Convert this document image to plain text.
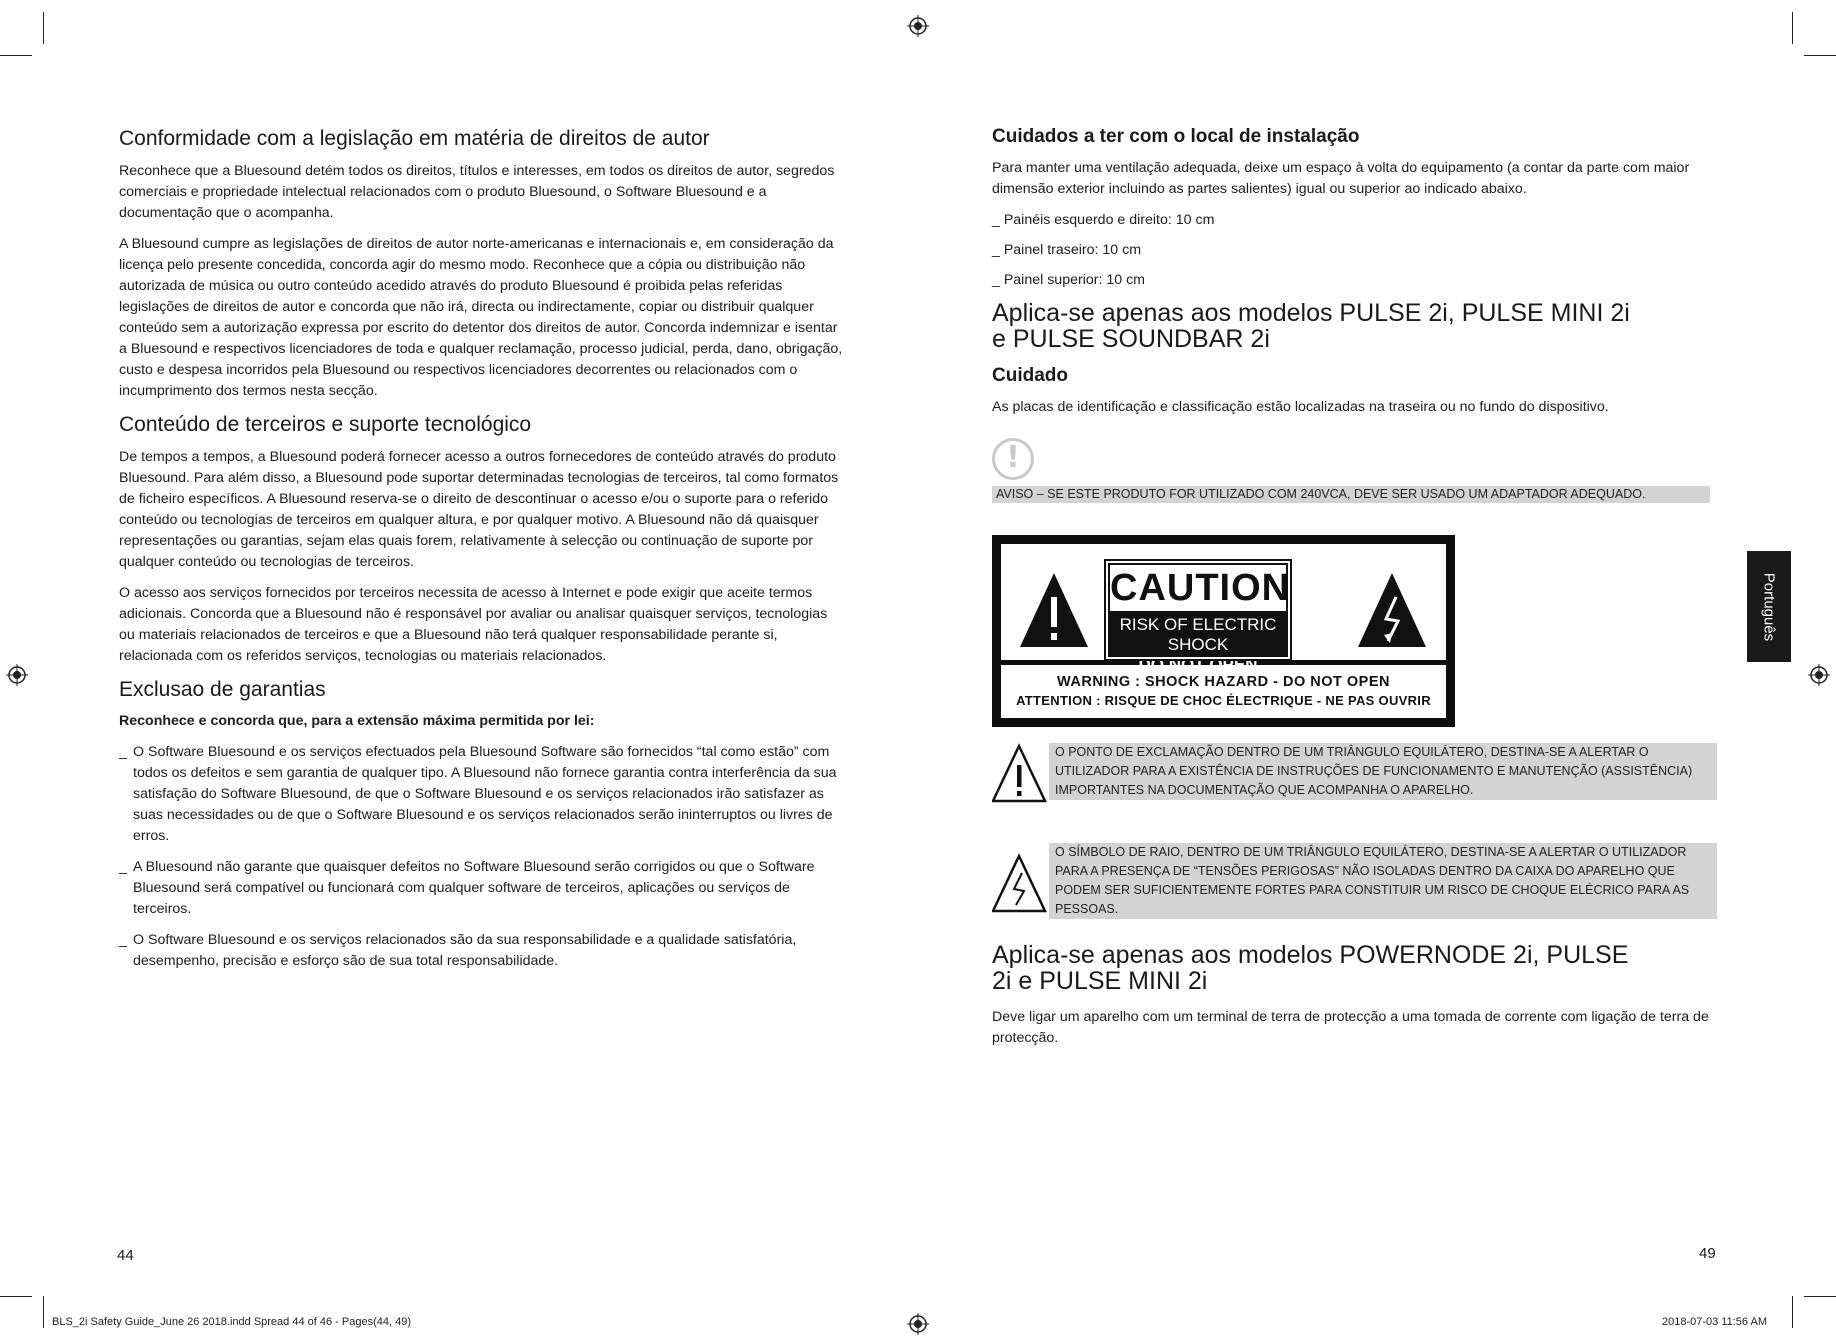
Conformidade com a legislação em matéria de direitos de autor

Reconhece que a Bluesound detém todos os direitos, títulos e interesses, em todos os direitos de autor, segredos comerciais e propriedade intelectual relacionados com o produto Bluesound, o Software Bluesound e a documentação que o acompanha.

A Bluesound cumpre as legislações de direitos de autor norte-americanas e internacionais e, em consideração da licença pelo presente concedida, concorda agir do mesmo modo. Reconhece que a cópia ou distribuição não autorizada de música ou outro conteúdo acedido através do produto Bluesound é proibida pelas referidas legislações de direitos de autor e concorda que não irá, directa ou indirectamente, copiar ou distribuir qualquer conteúdo sem a autorização expressa por escrito do detentor dos direitos de autor. Concorda indemnizar e isentar a Bluesound e respectivos licenciadores de toda e qualquer reclamação, processo judicial, perda, dano, obrigação, custo e despesa incorridos pela Bluesound ou respectivos licenciadores decorrentes ou relacionados com o incumprimento dos termos nesta secção.

Conteúdo de terceiros e suporte tecnológico

De tempos a tempos, a Bluesound poderá fornecer acesso a outros fornecedores de conteúdo através do produto Bluesound. Para além disso, a Bluesound pode suportar determinadas tecnologias de terceiros, tal como formatos de ficheiro específicos. A Bluesound reserva-se o direito de descontinuar o acesso e/ou o suporte para o referido conteúdo ou tecnologias de terceiros em qualquer altura, e por qualquer motivo. A Bluesound não dá quaisquer representações ou garantias, sejam elas quais forem, relativamente à selecção ou continuação de suporte por qualquer conteúdo ou tecnologias de terceiros.

O acesso aos serviços fornecidos por terceiros necessita de acesso à Internet e pode exigir que aceite termos adicionais. Concorda que a Bluesound não é responsável por avaliar ou analisar quaisquer serviços, tecnologias ou materiais relacionados de terceiros e que a Bluesound não terá qualquer responsabilidade perante si, relacionada com os referidos serviços, tecnologias ou materiais relacionados.

Exclusao de garantias

Reconhece e concorda que, para a extensão máxima permitida por lei:

_ O Software Bluesound e os serviços efectuados pela Bluesound Software são fornecidos “tal como estão” com todos os defeitos e sem garantia de qualquer tipo. A Bluesound não fornece garantia contra interferência da sua satisfação do Software Bluesound, de que o Software Bluesound e os serviços relacionados irão satisfazer as suas necessidades ou de que o Software Bluesound e os serviços relacionados serão ininterruptos ou livres de erros.
_ A Bluesound não garante que quaisquer defeitos no Software Bluesound serão corrigidos ou que o Software Bluesound será compatível ou funcionará com qualquer software de terceiros, aplicações ou serviços de terceiros.
_ O Software Bluesound e os serviços relacionados são da sua responsabilidade e a qualidade satisfatória, desempenho, precisão e esforço são de sua total responsabilidade.
Cuidados a ter com o local de instalação

Para manter uma ventilação adequada, deixe um espaço à volta do equipamento (a contar da parte com maior dimensão exterior incluindo as partes salientes) igual ou superior ao indicado abaixo.

_ Painéis esquerdo e direito: 10 cm

_ Painel traseiro: 10 cm

_ Painel superior: 10 cm

Aplica-se apenas aos modelos PULSE 2i, PULSE MINI 2i e PULSE SOUNDBAR 2i
Cuidado

As placas de identificação e classificação estão localizadas na traseira ou no fundo do dispositivo.

!
AVISO – SE ESTE PRODUTO FOR UTILIZADO COM 240VCA, DEVE SER USADO UM ADAPTADOR ADEQUADO.
CAUTION
RISK OF ELECTRIC SHOCK
WARNING : SHOCK HAZARD - DO NOT OPEN
ATTENTION : RISQUE DE CHOC ÉLECTRIQUE - NE PAS OUVRIR
O PONTO DE EXCLAMAÇÃO DENTRO DE UM TRIÂNGULO EQUILÁTERO, DESTINA-SE A ALERTAR O UTILIZADOR PARA A EXISTÊNCIA DE INSTRUÇÕES DE FUNCIONAMENTO E MANUTENÇÃO (ASSISTÊNCIA) IMPORTANTES NA DOCUMENTAÇÃO QUE ACOMPANHA O APARELHO.
O SÍMBOLO DE RAIO, DENTRO DE UM TRIÂNGULO EQUILÁTERO, DESTINA-SE A ALERTAR O UTILIZADOR PARA A PRESENÇA DE “TENSÕES PERIGOSAS” NÃO ISOLADAS DENTRO DA CAIXA DO APARELHO QUE PODEM SER SUFICIENTEMENTE FORTES PARA CONSTITUIR UM RISCO DE CHOQUE ELÉCRICO PARA AS PESSOAS.
Aplica-se apenas aos modelos POWERNODE 2i, PULSE 2i e PULSE MINI 2i

Deve ligar um aparelho com um terminal de terra de protecção a uma tomada de corrente com ligação de terra de protecção.

Português
44	49
BLS_2i Safety Guide_June 26 2018.indd Spread 44 of 46 - Pages(44, 49)	2018-07-03 11:56 AM
